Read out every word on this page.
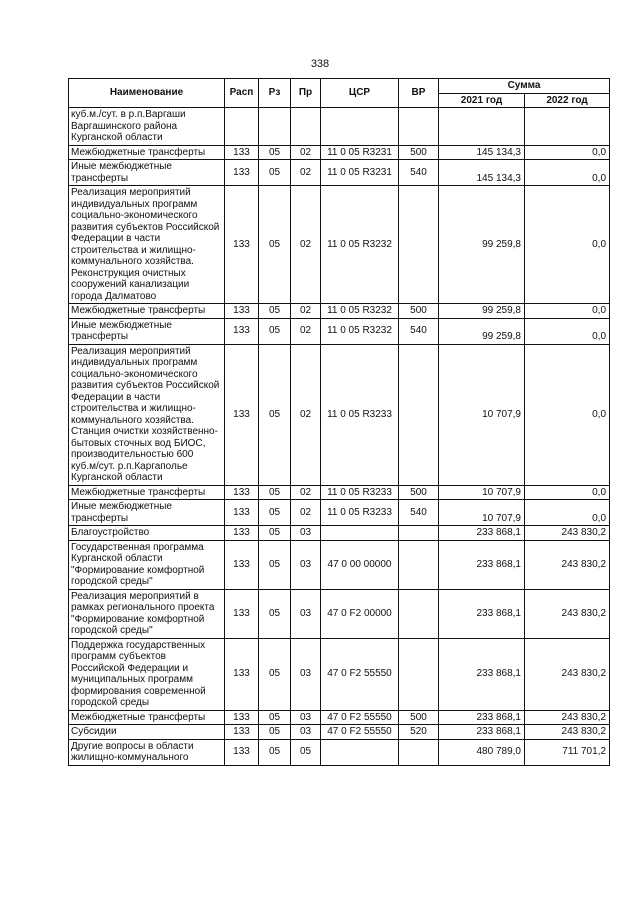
338
Наименование	Расп	Рз	Пр	ЦСР	ВР	Сумма	
						2021 год	2022 год
куб.м./сут. в р.п.Варгаши Варгашинского района Курганской области							
Межбюджетные трансферты	133	05	02	11 0 05 R3231	500	145 134,3	0,0
Иные межбюджетные трансферты	133	05	02	11 0 05 R3231	540	145 134,3	0,0
Реализация мероприятий индивидуальных программ социально-экономического развития субъектов Российской Федерации в части строительства и жилищно-коммунального хозяйства. Реконструкция очистных сооружений канализации города Далматово	133	05	02	11 0 05 R3232		99 259,8	0,0
Межбюджетные трансферты	133	05	02	11 0 05 R3232	500	99 259,8	0,0
Иные межбюджетные трансферты	133	05	02	11 0 05 R3232	540	99 259,8	0,0
Реализация мероприятий индивидуальных программ социально-экономического развития субъектов Российской Федерации в части строительства и жилищно-коммунального хозяйства. Станция очистки хозяйственно-бытовых сточных вод БИОС, производительностью 600 куб.м/сут. р.п.Каргаполье Курганской области	133	05	02	11 0 05 R3233		10 707,9	0,0
Межбюджетные трансферты	133	05	02	11 0 05 R3233	500	10 707,9	0,0
Иные межбюджетные трансферты	133	05	02	11 0 05 R3233	540	10 707,9	0,0
Благоустройство	133	05	03			233 868,1	243 830,2
Государственная программа Курганской области "Формирование комфортной городской среды"	133	05	03	47 0 00 00000		233 868,1	243 830,2
Реализация мероприятий в рамках регионального проекта "Формирование комфортной городской среды"	133	05	03	47 0 F2 00000		233 868,1	243 830,2
Поддержка государственных программ субъектов Российской Федерации и муниципальных программ формирования современной городской среды	133	05	03	47 0 F2 55550		233 868,1	243 830,2
Межбюджетные трансферты	133	05	03	47 0 F2 55550	500	233 868,1	243 830,2
Субсидии	133	05	03	47 0 F2 55550	520	233 868,1	243 830,2
Другие вопросы в области жилищно-коммунального	133	05	05			480 789,0	711 701,2
